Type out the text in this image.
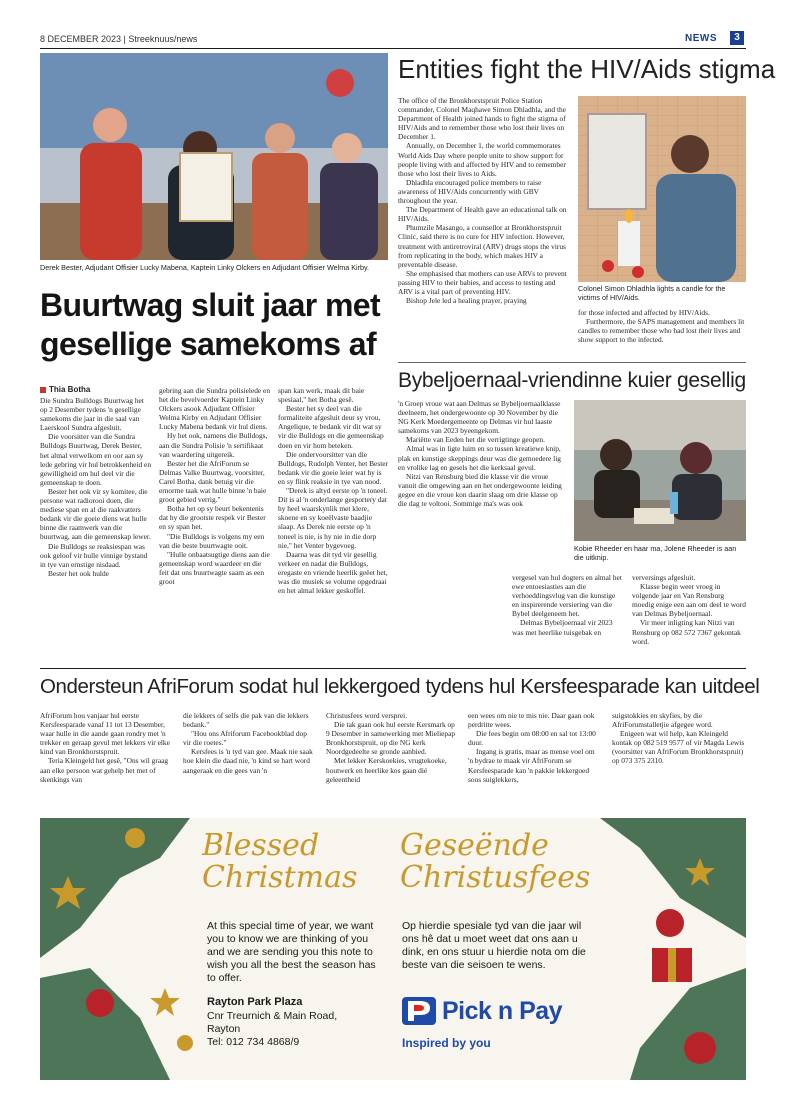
8 DECEMBER 2023 | Streeknuus/news	NEWS	3
Derek Bester, Adjudant Offisier Lucky Mabena, Kaptein Linky Olckers en Adjudant Offisier Welma Kirby.
Buurtwag sluit jaar met gesellige samekoms af
Thia Botha

Die Sundra Bulldogs Buurtwag het op 2 Desember tydens 'n gesellige samekoms die jaar in die saal van Laerskool Sundra afgesluit.

Die voorsitter van die Sundra Bulldogs Buurtwag, Derek Bester, het almal verwelkom en oor aan sy lede gebring vir hul betrokkenheid en gewilligheid om hul deel vir die gemeenskap te doen.

Bester het ook vir sy komitee, die persone wat radiorooi doen, die mediese span en al die raakvatters bedank vir die goeie diens wat hulle binne die raamwerk van die buurtwag, aan die gemeenskap lewer.

Die Bulldogs se reaksiespan was ook geloof vir hulle vinnige bystand in tye van ernstige nisdaad.

Bester het ook hulde

gebring aan die Sundra polisielede en het die bevelvoerder Kaptein Linky Olckers asook Adjudant Offisier Welma Kirby en Adjudant Offisier Lucky Mabena bedank vir hul diens.

Hy het ook, namens die Bulldogs, aan die Sundra Polisie 'n sertifikaat van waardering uitgereik.

Bester het die AfriForum se Delmas Valke Buurtwag, voorsitter, Carel Botha, dank betuig vir die ernorme taak wat hulle binne 'n baie groot gebied verrig."

Botha het op sy beurt bekentenis dat hy die grootste respek vir Bester en sy span het.

"Die Bulldogs is volgens my een van die beste buurtwagte ooit.

"Hulle onbaatsugtige diens aan die gemeenskap word waardeer en die feit dat ons buurtwagte saam as een groot

span kan werk, maak dit baie spesiaal," het Botha gesê.

Bester het sy deel van die formaliteite afgesluit deur sy vrou, Angelique, te bedank vir dit wat sy vir die Bulldogs en die gemeenskap doen en vir hom beteken.

Die ondervoorsitter van die Bulldogs, Rudolph Venter, het Bester bedank vir die goeie leier wat hy is en sy flink reaksie in tye van nood.

"Derek is altyd eerste op 'n toneel. Dit is al 'n onderlange gesportery dat hy heel waarskynlik met klere, skoene en sy koeëlvaste baadjie slaap. As Derek nie eerste op 'n toneel is nie, is hy nie in die dorp nie," het Venter bygevoeg.

Daarna was dit tyd vir gesellig verkeer en nadat die Bulldogs, eregaste en vriende heerlik geëet het, was die musiek se volume opgedraai en het almal lekker geskoffel.

Entities fight the HIV/Aids stigma

The office of the Bronkhorstspruit Police Station commander, Colonel Maqhawe Simon Dhladhla, and the Department of Health joined hands to fight the stigma of HIV/Aids and to remember those who lost their lives on December 1.

Annually, on December 1, the world commemorates World Aids Day where people unite to show support for people living with and affected by HIV and to remember those who lost their lives to Aids.

Dhladhla encouraged police members to raise awareness of HIV/Aids concurrently with GBV throughout the year.

The Department of Health gave an educational talk on HIV/Aids.

Phumzile Masango, a counsellor at Bronkhorstspruit Clinic, said there is no cure for HIV infection. However, treatment with antiretroviral (ARV) drugs stops the virus from replicating in the body, which makes HIV a preventable disease.

She emphasised that mothers can use ARVs to prevent passing HIV to their babies, and access to testing and ARV is a vital part of preventing HIV.

Bishop Jele led a healing prayer, praying

Colonel Simon Dhladhla lights a candle for the victims of HIV/Aids.

for those infected and affected by HIV/Aids.

Furthermore, the SAPS management and members lit candles to remember those who had lost their lives and show support to the infected.

Bybeljoernaal-vriendinne kuier gesellig

'n Groep vroue wat aan Delmas se Bybeljoernaalklasse deelneem, het ondergewoonte op 30 November by die NG Kerk Moedergemeente op Delmas vir hul laaste samekoms van 2023 byeengekom.

Mariëtte van Eeden het die verrigtinge geopen.

Almal was in ligte luim en so tussen kreatiewe knip, plak en kunstige skeppings deur was die gemoedere lig en vrolike lag en gesels het die kerksaal gevul.

Nitzi van Rensburg bied die klasse vir die vroue vanuit die omgewing aan en het ondergewoonte leiding gegee en die vroue kon daarin slaag om drie klasse op die dag te voltooi. Sommige ma's was ook

Kobie Rheeder en haar ma, Jolene Rheeder is aan die uitknip.

vergesel van hul dogters en almal het ewe entoesiasties aan die verhoeddingsvlug van die kunstige en inspirerende versiering van die Bybel deelgeneem het.

Delmas Bybeljoernaal vir 2023 was met heerlike tuisgebak en

verversings afgesluit.

Klasse begin weer vroeg in volgende jaar en Van Rensburg moedig enige een aan om deel te word van Delmas Bybeljoernaal.

Vir meer inligting kan Nitzi van Rensburg op 082 572 7367 gekontak word.

Ondersteun AfriForum sodat hul lekkergoed tydens hul Kersfeesparade kan uitdeel

AfriForum hou vanjaar hul eerste Kersfeesparade vanaf 11 tot 13 Desember, waar hulle in die aande gaan rondry met 'n trekker en geraap gevul met lekkers vir elke kind van Bronkhorstspruit.

Teria Kleingeld het gesê, "Ons wil graag aan elke persoon wat gehelp het met of skenkings van

die lekkers of selfs die pak van die lekkers bedank."

"Hou ons Afriforum Facebookblad dop vir die roetes."

Kersfees is 'n tyd van gee. Maak nie saak hoe klein die daad nie, 'n kind se hart word aangeraak en die gees van 'n

Christusfees word versprei.

Die tak gaan ook hul eerste Kersmark op 9 Desember in samewerking met Mieliepap Bronkhorstspruit, op die NG kerk Noordgedeelte se gronde aanbied.

Met lekker Kerskoekies, vrugtekoeke, houtwerk en heerlike kos gaan dié geleentheid

een wees om nie te mis nie. Daar gaan ook perdritte wees.

Die fees begin om 08:00 en sal tot 13:00 duur.

Ingang is gratis, maar as mense voel om 'n bydrae te maak vir AfriForum se Kersfeesparade kan 'n pakkie lekkergoed soos suiglekkers,

suigstokkies en skyfies, by die AfriForumstalletjie afgegee word.

Enigeen wat wil help, kan Kleingeld kontak op 082 519 9577 of vir Magda Lewis (voorsitter van AfriForum Bronkhorstspruit) op 073 375 2310.

Blessed
Christmas
Geseënde
Christusfees
At this special time of year, we want you to know we are thinking of you and we are sending you this note to wish you all the best the season has to offer.
Op hierdie spesiale tyd van die jaar wil ons hê dat u moet weet dat ons aan u dink, en ons stuur u hierdie nota om die beste van die seisoen te wens.
Rayton Park Plaza
Cnr Treurnich & Main Road,
Rayton
Tel: 012 734 4868/9
Pick n Pay
Inspired by you
